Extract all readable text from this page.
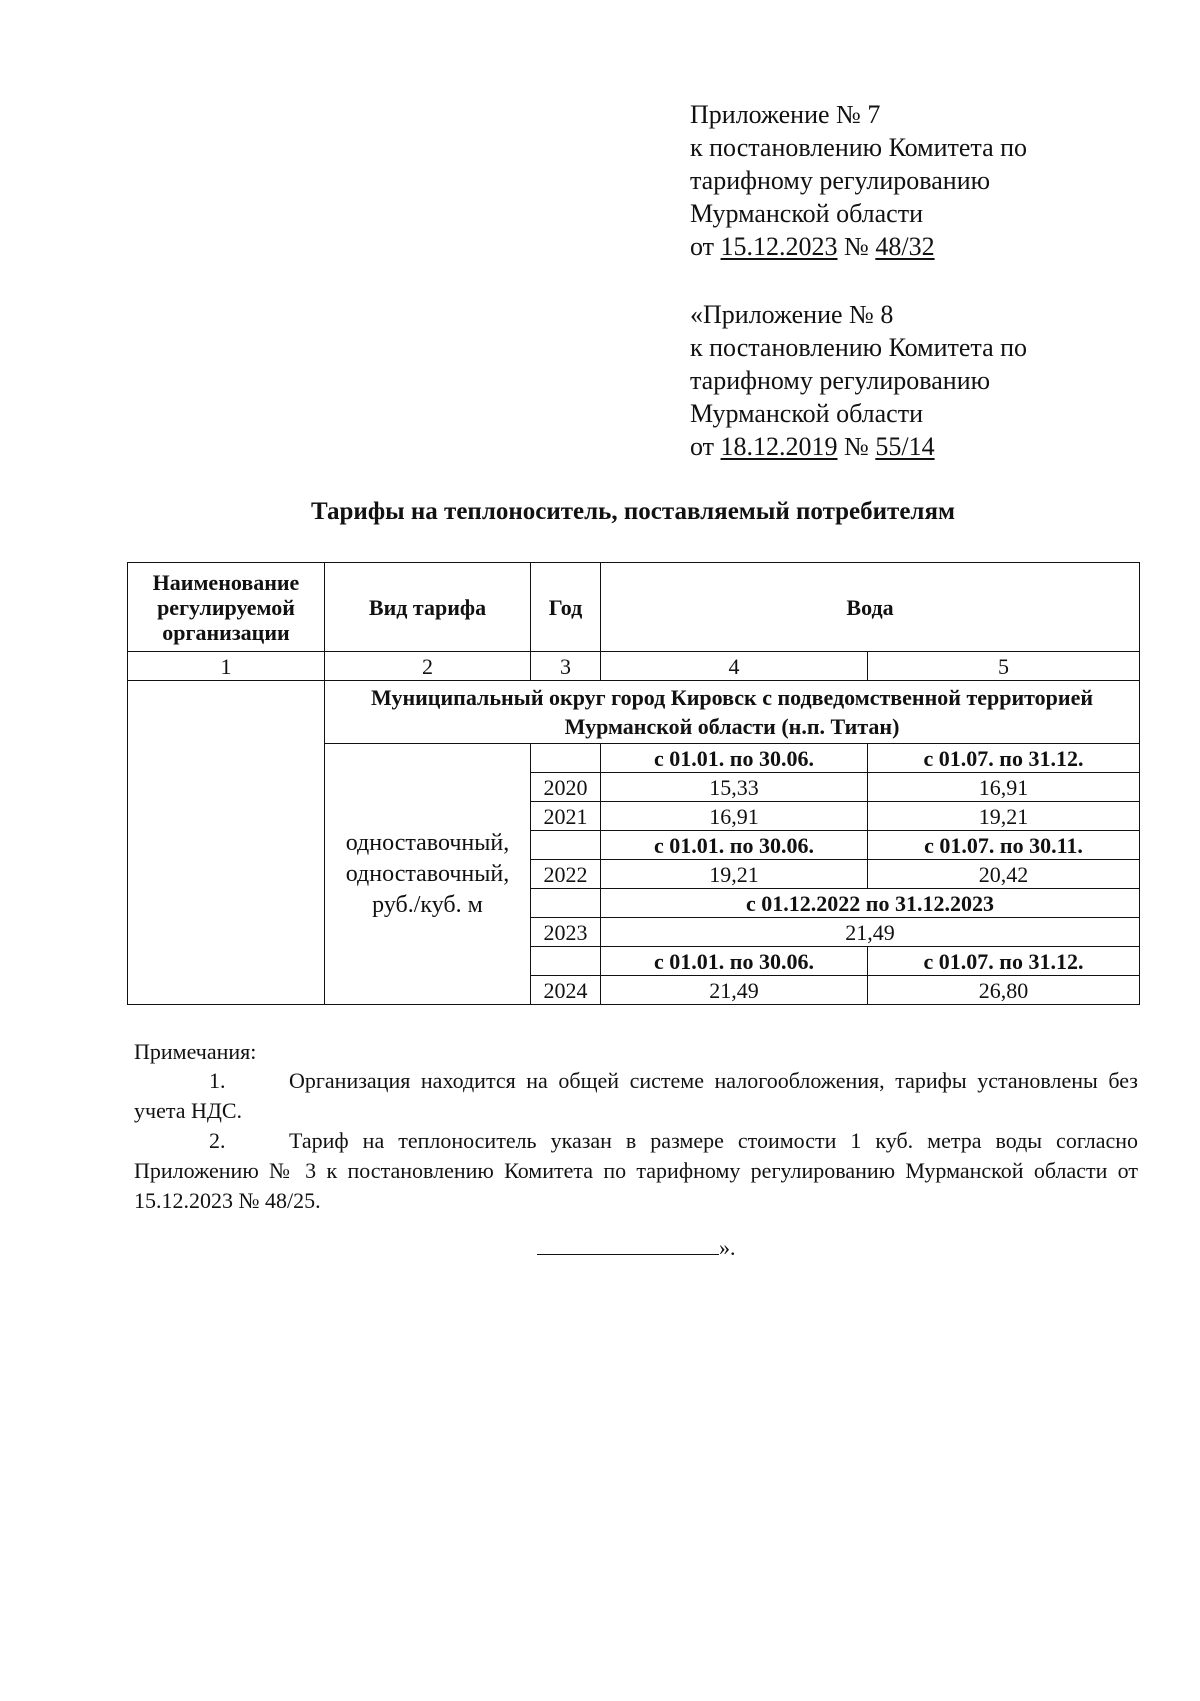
Приложение № 7
к постановлению Комитета по
тарифному регулированию
Мурманской области
от 15.12.2023 № 48/32
«Приложение № 8
к постановлению Комитета по
тарифному регулированию
Мурманской области
от 18.12.2019 № 55/14
Тарифы на теплоноситель, поставляемый потребителям
Наименование регулируемой организации	Вид тарифа	Год	Вода	
1	2	3	4	5
	Муниципальный округ город Кировск с подведомственной территорией Мурманской области (н.п. Титан)			
	одноставочный, одноставочный, руб./куб. м		с 01.01. по 30.06.	с 01.07. по 31.12.
		2020	15,33	16,91
		2021	16,91	19,21
			с 01.01. по 30.06.	с 01.07. по 30.11.
		2022	19,21	20,42
			с 01.12.2022 по 31.12.2023	
		2023	21,49	
			с 01.01. по 30.06.	с 01.07. по 31.12.
		2024	21,49	26,80
Примечания:
1.	Организация находится на общей системе налогообложения, тарифы установлены без учета НДС.
2.	Тариф на теплоноситель указан в размере стоимости 1 куб. метра воды согласно Приложению № 3 к постановлению Комитета по тарифному регулированию Мурманской области от 15.12.2023 № 48/25.
».
